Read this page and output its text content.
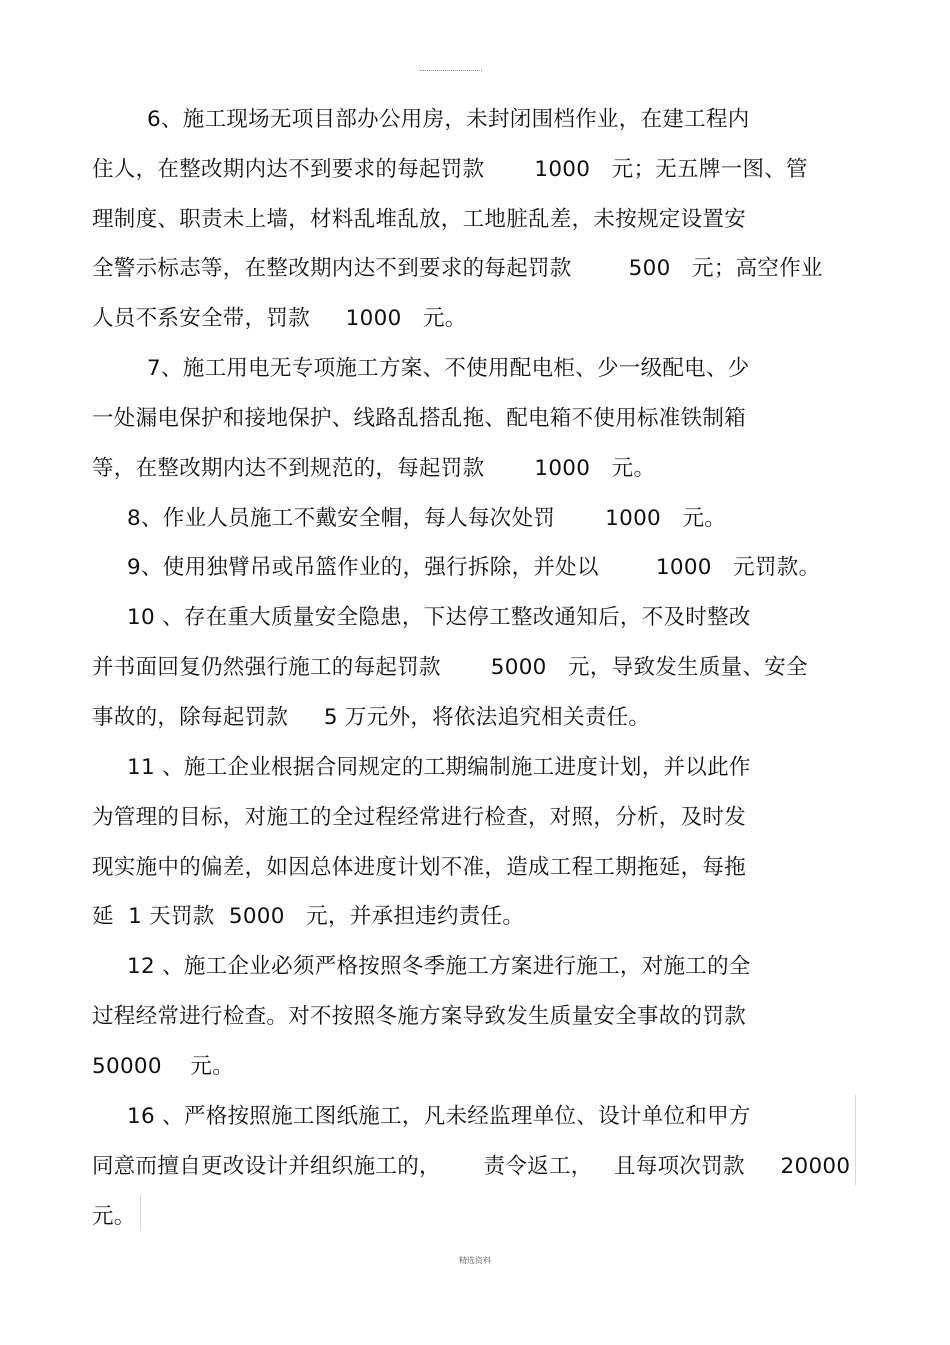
6、施工现场无项目部办公用房，未封闭围档作业，在建工程内
住人，在整改期内达不到要求的每起罚款       1000   元；无五牌一图、管
理制度、职责未上墙，材料乱堆乱放，工地脏乱差，未按规定设置安
全警示标志等，在整改期内达不到要求的每起罚款        500   元；高空作业
人员不系安全带，罚款     1000   元。
7、施工用电无专项施工方案、不使用配电柜、少一级配电、少
一处漏电保护和接地保护、线路乱搭乱拖、配电箱不使用标准铁制箱
等，在整改期内达不到规范的，每起罚款       1000   元。
8、作业人员施工不戴安全帽，每人每次处罚       1000   元。
9、使用独臂吊或吊篮作业的，强行拆除，并处以        1000   元罚款。
10 、存在重大质量安全隐患，下达停工整改通知后，不及时整改
并书面回复仍然强行施工的每起罚款       5000   元，导致发生质量、安全
事故的，除每起罚款     5 万元外，将依法追究相关责任。
11 、施工企业根据合同规定的工期编制施工进度计划，并以此作
为管理的目标，对施工的全过程经常进行检查，对照，分析，及时发
现实施中的偏差，如因总体进度计划不准，造成工程工期拖延，每拖
延  1 天罚款  5000   元，并承担违约责任。
12 、施工企业必须严格按照冬季施工方案进行施工，对施工的全
过程经常进行检查。对不按照冬施方案导致发生质量安全事故的罚款
50000    元。
16 、严格按照施工图纸施工，凡未经监理单位、设计单位和甲方
同意而擅自更改设计并组织施工的，      责令返工，   且每项次罚款     20000
元。
精选资料
